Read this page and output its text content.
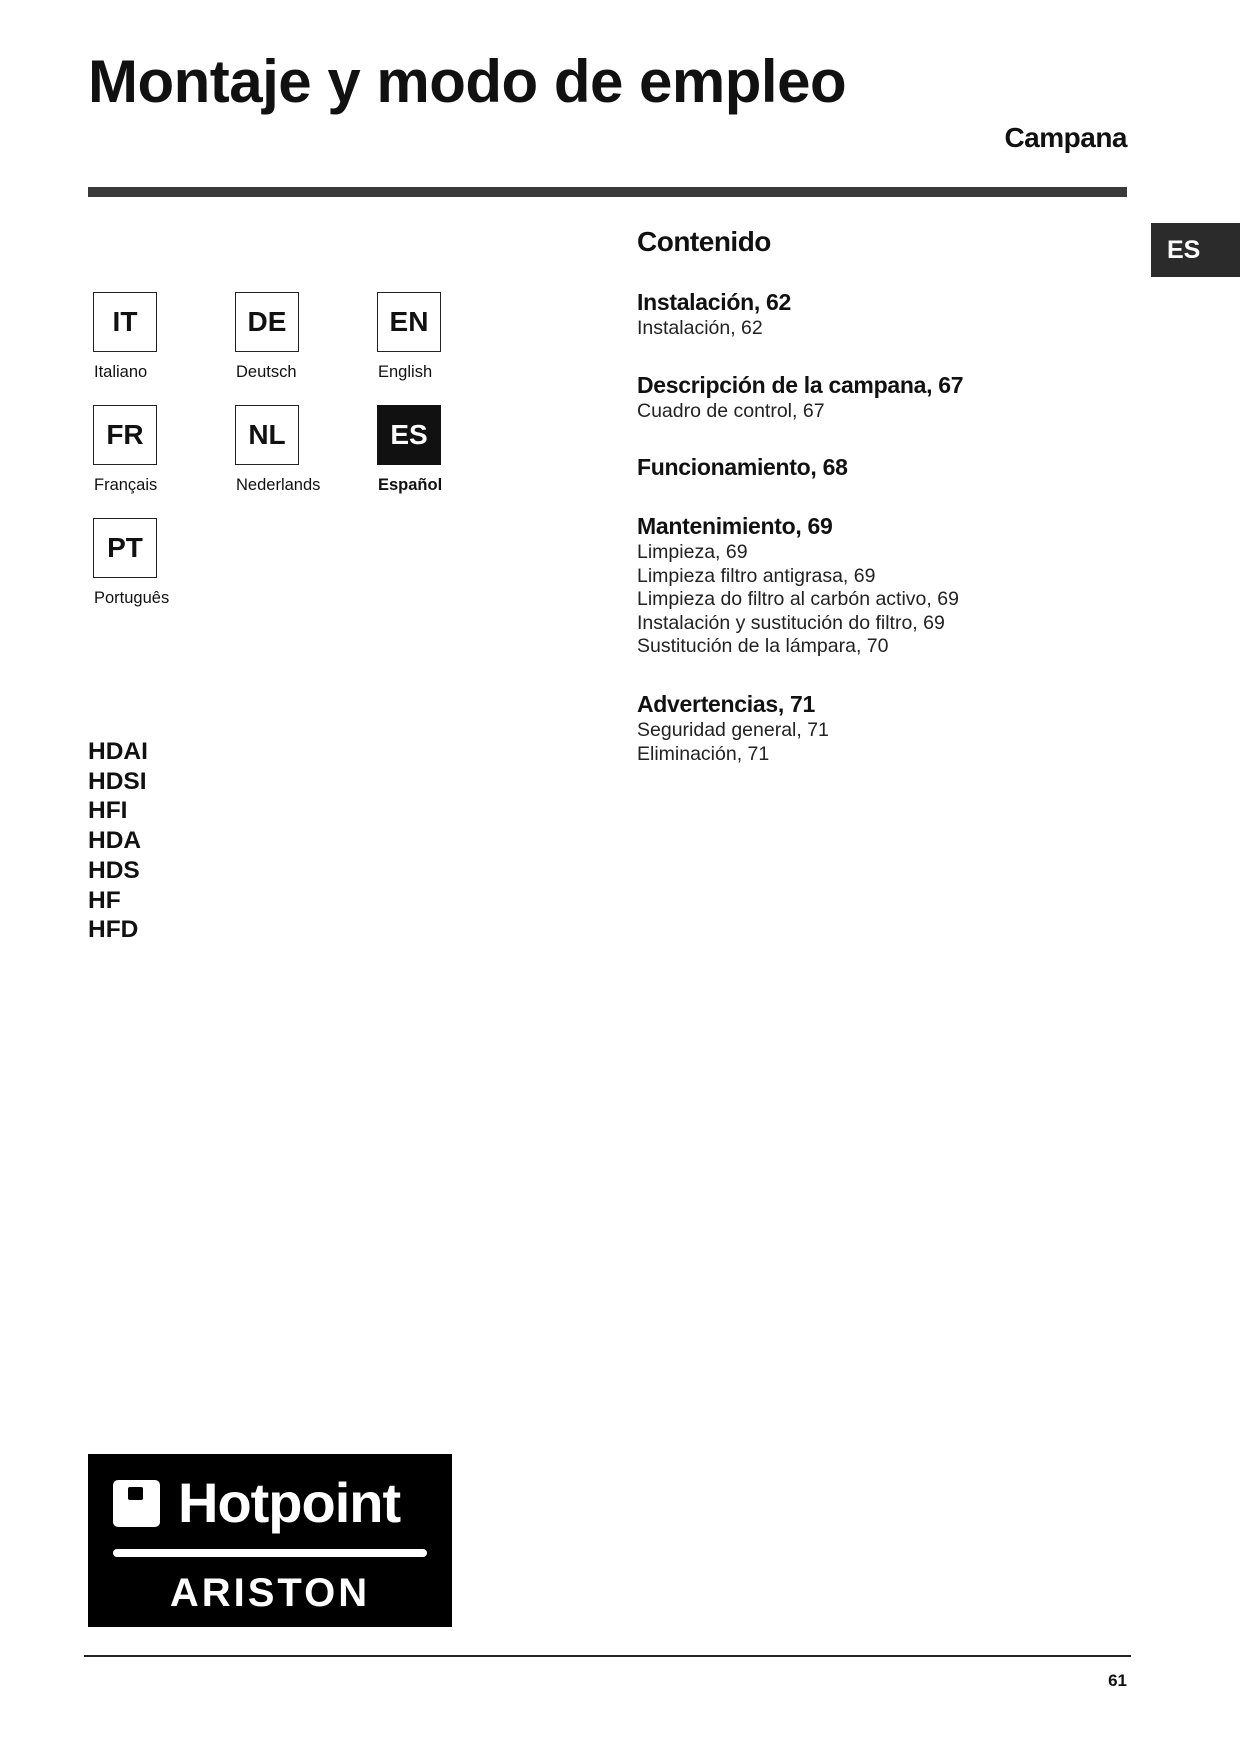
Montaje y modo de empleo
Campana
ES
IT
Italiano
DE
Deutsch
EN
English
FR
Français
NL
Nederlands
ES
Español
PT
Português
Contenido
Instalación, 62
Instalación, 62
Descripción de la campana, 67
Cuadro de control, 67
Funcionamiento, 68
Mantenimiento, 69
Limpieza, 69
Limpieza filtro antigrasa, 69
Limpieza do filtro al carbón activo, 69
Instalación y sustitución do filtro, 69
Sustitución de la lámpara, 70
Advertencias, 71
Seguridad general, 71
Eliminación, 71
HDAI
HDSI
HFI
HDA
HDS
HF
HFD
Hotpoint
ARISTON
61
